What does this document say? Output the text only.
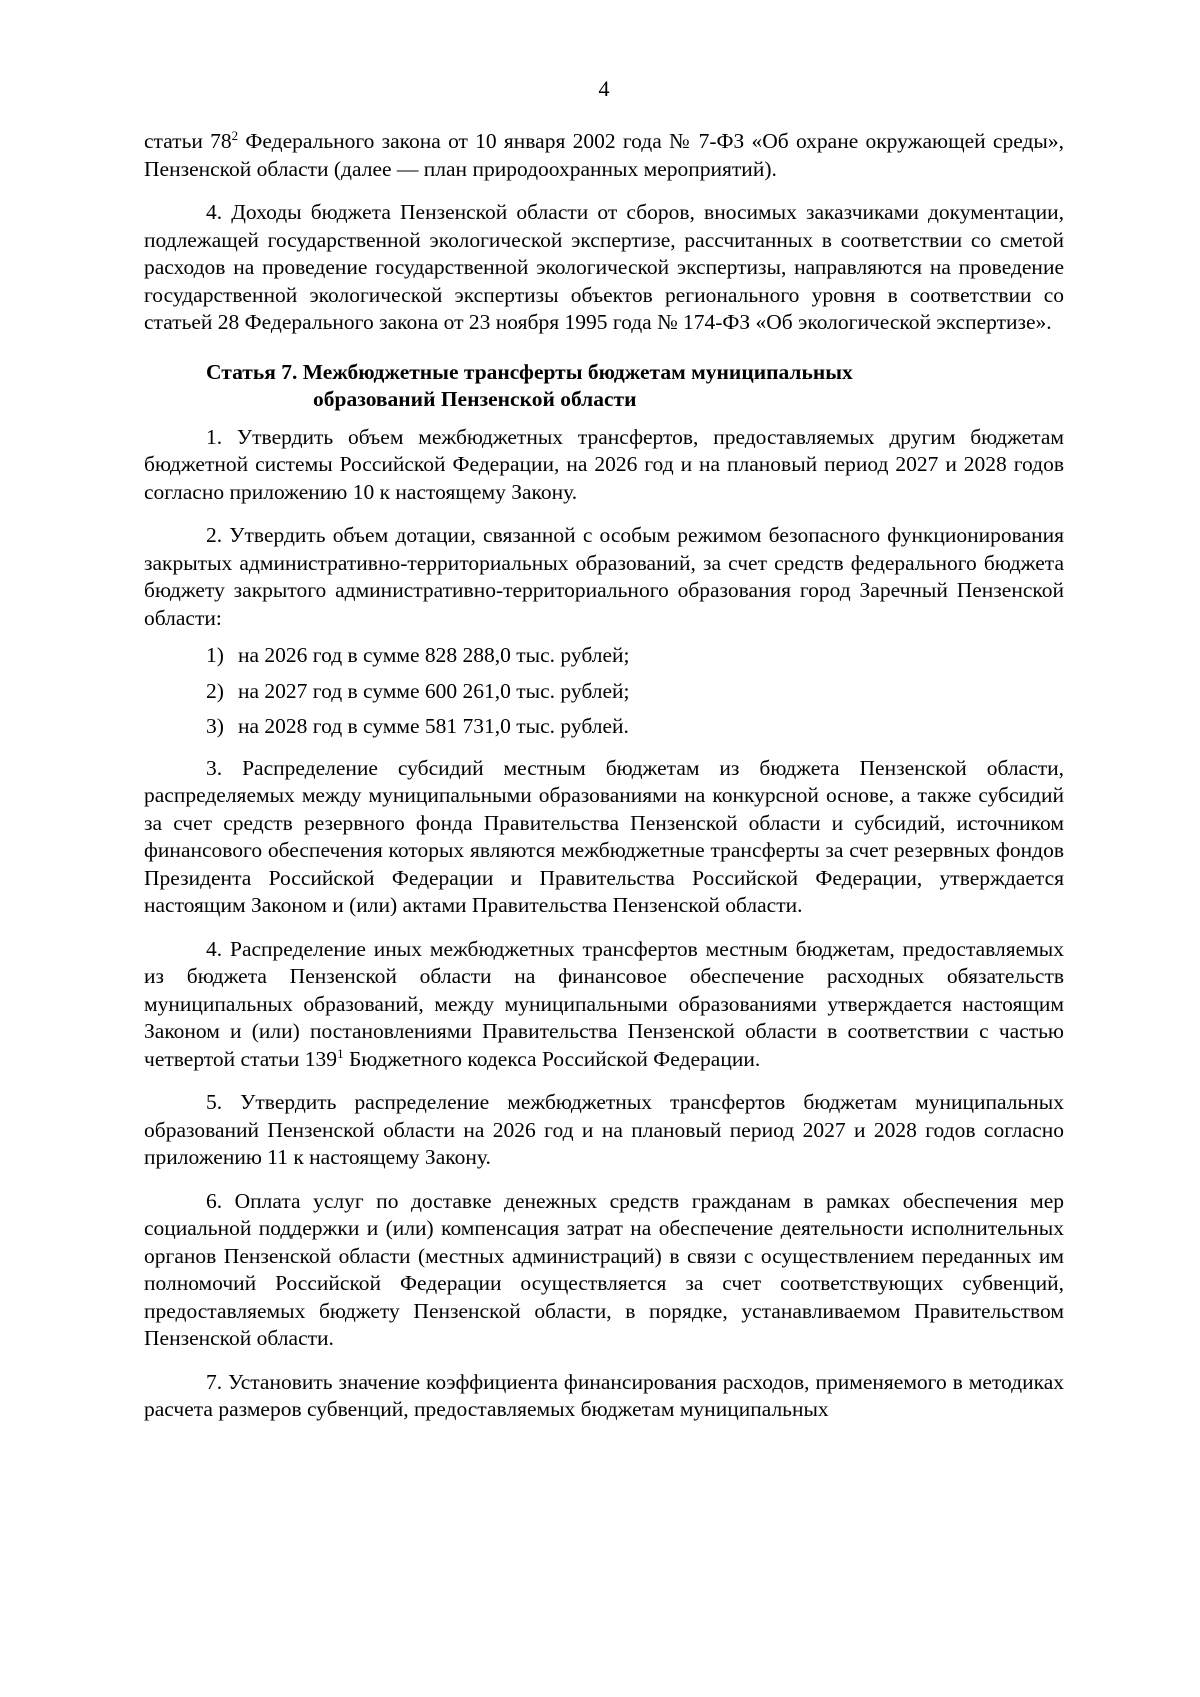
4

статьи $78^2$ Федерального закона от 10 января 2002 года № 7-ФЗ «Об охране окружающей среды», Пензенской области (далее — план природоохранных мероприятий).

4. Доходы бюджета Пензенской области от сборов, вносимых заказчиками документации, подлежащей государственной экологической экспертизе, рассчитанных в соответствии со сметой расходов на проведение государственной экологической экспертизы, направляются на проведение государственной экологической экспертизы объектов регионального уровня в соответствии со статьей 28 Федерального закона от 23 ноября 1995 года № 174-ФЗ «Об экологической экспертизе».

Статья 7. Межбюджетные трансферты бюджетам муниципальных
образований Пензенской области

1. Утвердить объем межбюджетных трансфертов, предоставляемых другим бюджетам бюджетной системы Российской Федерации, на 2026 год и на плановый период 2027 и 2028 годов согласно приложению 10 к настоящему Закону.

2. Утвердить объем дотации, связанной с особым режимом безопасного функционирования закрытых административно-территориальных образований, за счет средств федерального бюджета бюджету закрытого административно-территориального образования город Заречный Пензенской области:

1) на 2026 год в сумме 828 288,0 тыс. рублей;
2) на 2027 год в сумме 600 261,0 тыс. рублей;
3) на 2028 год в сумме 581 731,0 тыс. рублей.

3. Распределение субсидий местным бюджетам из бюджета Пензенской области, распределяемых между муниципальными образованиями на конкурсной основе, а также субсидий за счет средств резервного фонда Правительства Пензенской области и субсидий, источником финансового обеспечения которых являются межбюджетные трансферты за счет резервных фондов Президента Российской Федерации и Правительства Российской Федерации, утверждается настоящим Законом и (или) актами Правительства Пензенской области.

4. Распределение иных межбюджетных трансфертов местным бюджетам, предоставляемых из бюджета Пензенской области на финансовое обеспечение расходных обязательств муниципальных образований, между муниципальными образованиями утверждается настоящим Законом и (или) постановлениями Правительства Пензенской области в соответствии с частью четвертой статьи $139^1$ Бюджетного кодекса Российской Федерации.

5. Утвердить распределение межбюджетных трансфертов бюджетам муниципальных образований Пензенской области на 2026 год и на плановый период 2027 и 2028 годов согласно приложению 11 к настоящему Закону.

6. Оплата услуг по доставке денежных средств гражданам в рамках обеспечения мер социальной поддержки и (или) компенсация затрат на обеспечение деятельности исполнительных органов Пензенской области (местных администраций) в связи с осуществлением переданных им полномочий Российской Федерации осуществляется за счет соответствующих субвенций, предоставляемых бюджету Пензенской области, в порядке, устанавливаемом Правительством Пензенской области.

7. Установить значение коэффициента финансирования расходов, применяемого в методиках расчета размеров субвенций, предоставляемых бюджетам муниципальных
